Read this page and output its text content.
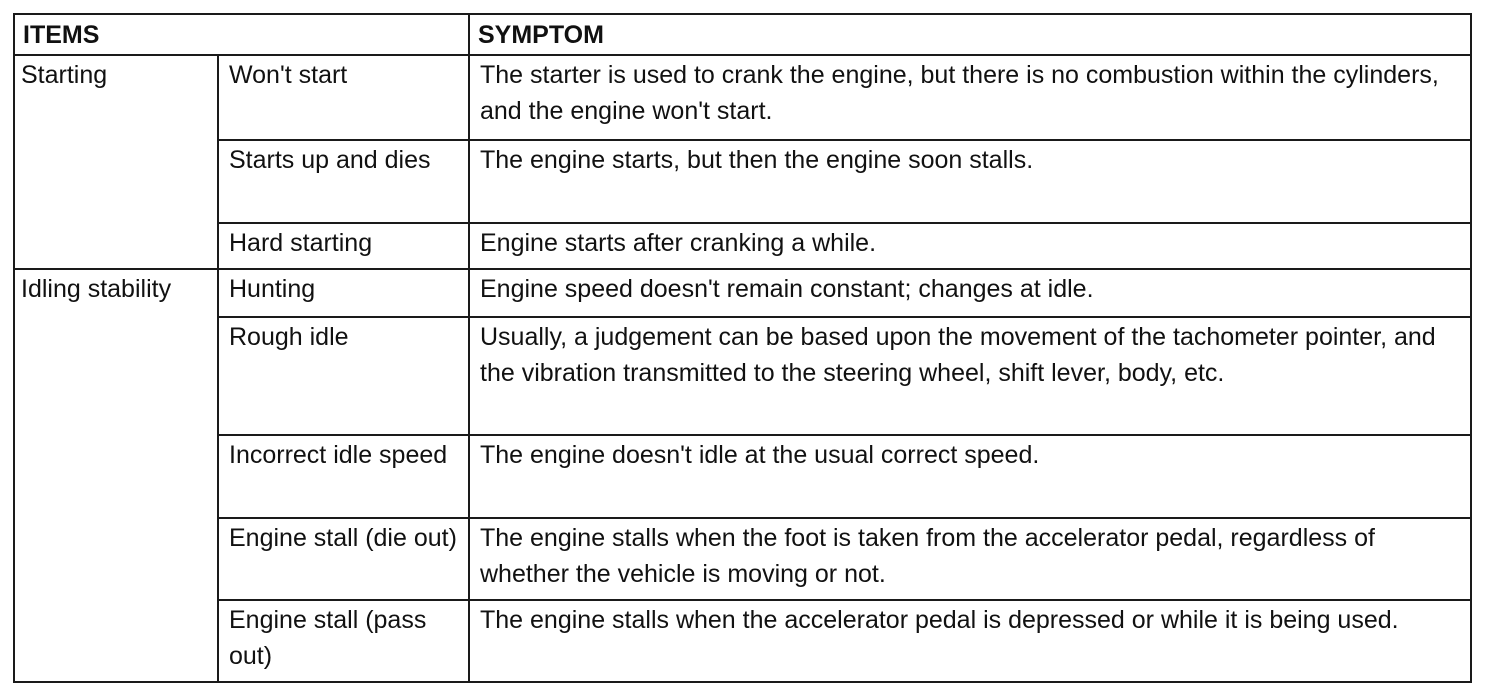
ITEMS		SYMPTOM
Starting	Won't start	The starter is used to crank the engine, but there is no combustion within the cylinders, and the engine won't start.
	Starts up and dies	The engine starts, but then the engine soon stalls.
	Hard starting	Engine starts after cranking a while.
Idling stability	Hunting	Engine speed doesn't remain constant; changes at idle.
	Rough idle	Usually, a judgement can be based upon the movement of the tachometer pointer, and the vibration transmitted to the steering wheel, shift lever, body, etc.
	Incorrect idle speed	The engine doesn't idle at the usual correct speed.
	Engine stall (die out)	The engine stalls when the foot is taken from the accelerator pedal, regardless of whether the vehicle is moving or not.
	Engine stall (pass out)	The engine stalls when the accelerator pedal is depressed or while it is being used.
